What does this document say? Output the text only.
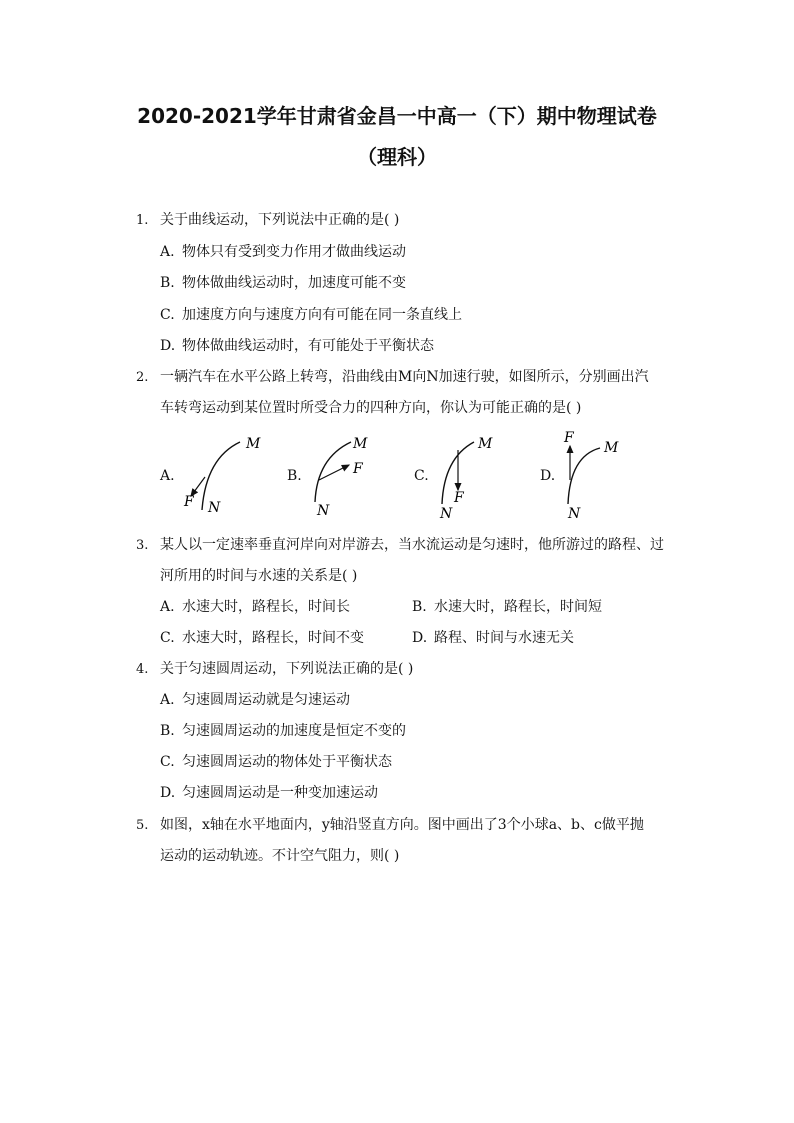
2020-2021学年甘肃省金昌一中高一（下）期中物理试卷
（理科）
1. 关于曲线运动，下列说法中正确的是( )
A. 物体只有受到变力作用才做曲线运动
B. 物体做曲线运动时，加速度可能不变
C. 加速度方向与速度方向有可能在同一条直线上
D. 物体做曲线运动时，有可能处于平衡状态
2. 一辆汽车在水平公路上转弯，沿曲线由M向N加速行驶，如图所示，分别画出汽
车转弯运动到某位置时所受合力的四种方向，你认为可能正确的是( )
A.
M
N
F
B.
M
N
F	C.
M
N
F
D.
M
N
F
3. 某人以一定速率垂直河岸向对岸游去，当水流运动是匀速时，他所游过的路程、过
河所用的时间与水速的关系是( )
A. 水速大时，路程长，时间长	B. 水速大时，路程长，时间短
C. 水速大时，路程长，时间不变	D. 路程、时间与水速无关
4. 关于匀速圆周运动，下列说法正确的是( )
A. 匀速圆周运动就是匀速运动
B. 匀速圆周运动的加速度是恒定不变的
C. 匀速圆周运动的物体处于平衡状态
D. 匀速圆周运动是一种变加速运动
5. 如图，x轴在水平地面内，y轴沿竖直方向。图中画出了3个小球a、b、c做平抛
运动的运动轨迹。不计空气阻力，则( )
